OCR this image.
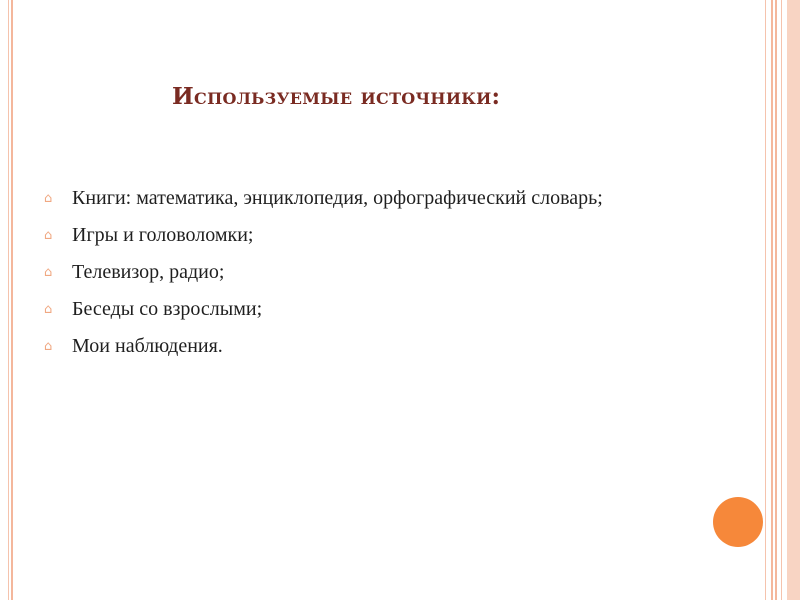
Используемые источники:
⌂ Книги: математика, энциклопедия, орфографический словарь;
⌂ Игры и головоломки;
⌂ Телевизор, радио;
⌂ Беседы со взрослыми;
⌂ Мои наблюдения.
